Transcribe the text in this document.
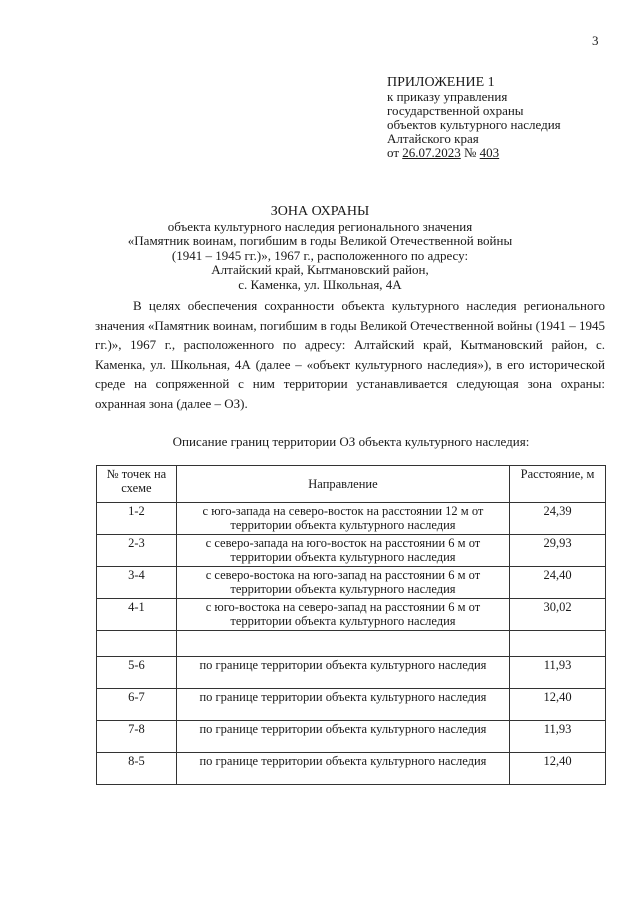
3
ПРИЛОЖЕНИЕ 1
к приказу управления
государственной охраны
объектов культурного наследия
Алтайского края
от 26.07.2023 № 403
ЗОНА ОХРАНЫ
объекта культурного наследия регионального значения
«Памятник воинам, погибшим в годы Великой Отечественной войны
(1941 – 1945 гг.)», 1967 г., расположенного по адресу:
Алтайский край, Кытмановский район,
с. Каменка, ул. Школьная, 4А

В целях обеспечения сохранности объекта культурного наследия регионального значения «Памятник воинам, погибшим в годы Великой Отечественной войны (1941 – 1945 гг.)», 1967 г., расположенного по адресу: Алтайский край, Кытмановский район, с. Каменка, ул. Школьная, 4А (далее – «объект культурного наследия»), в его исторической среде на сопряженной с ним территории устанавливается следующая зона охраны: охранная зона (далее – ОЗ).

Описание границ территории ОЗ объекта культурного наследия:
№ точек на схеме	Направление	Расстояние, м
1-2	с юго-запада на северо-восток на расстоянии 12 м от территории объекта культурного наследия	24,39
2-3	с северо-запада на юго-восток на расстоянии 6 м от территории объекта культурного наследия	29,93
3-4	с северо-востока на юго-запад на расстоянии 6 м от территории объекта культурного наследия	24,40
4-1	с юго-востока на северо-запад на расстоянии 6 м от территории объекта культурного наследия	30,02

5-6	по границе территории объекта культурного наследия	11,93
6-7	по границе территории объекта культурного наследия	12,40
7-8	по границе территории объекта культурного наследия	11,93
8-5	по границе территории объекта культурного наследия	12,40
